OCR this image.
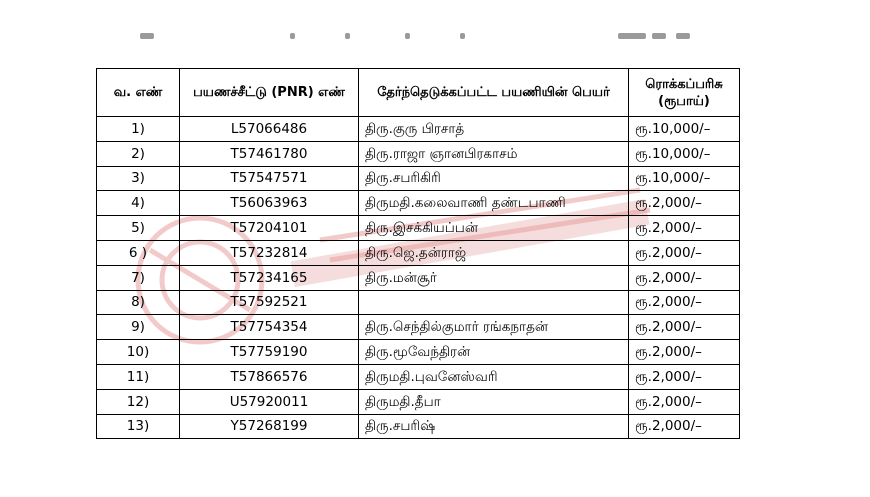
வ. எண்	பயணச்சீட்டு (PNR) எண்	தேர்ந்தெடுக்கப்பட்ட பயணியின் பெயர்	ரொக்கப்பரிசு (ரூபாய்)
1)	L57066486	திரு.குரு பிரசாத்	ரூ.10,000/–
2)	T57461780	திரு.ராஜா ஞானபிரகாசம்	ரூ.10,000/–
3)	T57547571	திரு.சபரிகிரி	ரூ.10,000/–
4)	T56063963	திருமதி.கலைவாணி தண்டபாணி	ரூ.2,000/–
5)	T57204101	திரு.இசக்கியப்பன்	ரூ.2,000/–
6 )	T57232814	திரு.ஜெ.தன்ராஜ்	ரூ.2,000/–
7)	T57234165	திரு.மன்சூர்	ரூ.2,000/–
8)	T57592521		ரூ.2,000/–
9)	T57754354	திரு.செந்தில்குமார் ரங்கநாதன்	ரூ.2,000/–
10)	T57759190	திரு.மூவேந்திரன்	ரூ.2,000/–
11)	T57866576	திருமதி.புவனேஸ்வரி	ரூ.2,000/–
12)	U57920011	திருமதி.தீபா	ரூ.2,000/–
13)	Y57268199	திரு.சபரிஷ்	ரூ.2,000/–
